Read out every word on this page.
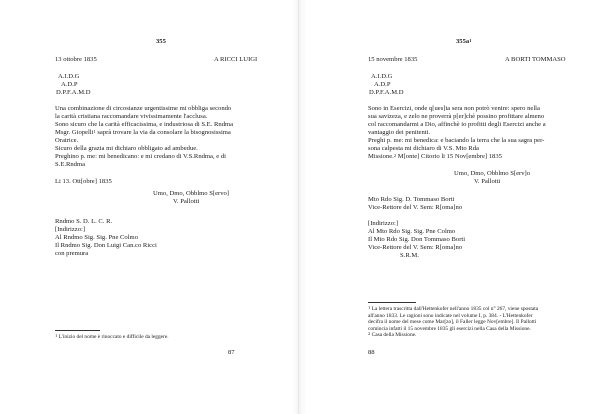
355
13 ottobre 1835	A RICCI LUIGI
A.I.D.G
A.D.P
D.P.F.A.M.D
Una combinazione di circostanze urgentissime mi obbliga secondo
la carità cristiana raccomandare vivissimamente l'acclusa.
Sono sicuro che la carità efficacissima, e industriosa di S.E. Rndma
Msgr. Giopelli$^1$ saprà trovare la via da consolare la bisognosissima
Oratrice.
Sicuro della grazia mi dichiaro obbligato ad ambedue.
Preghino p. me: mi benedicano: e mi credano di V.S.Rndma, e di
S.E.Rndma
Li 13. Ott[obre] 1835
Umo, Dmo, Obblmo S[ervo]
V. Pallotti
Rndmo S. D. L. C. R.
[Indirizzo:]
Al Rndmo Sig. Sig. Pne Colmo
Il Rndmo Sig. Don Luigi Can.co Ricci
con premura
$^1$ L'inizio del nome è rinoccato e difficile da leggere.
87
$355a^1$
15 novembre 1835	A BORTI TOMMASO
A.I.D.G
A.D.P
D.P.F.A.M.D
Sono in Esercizi, onde q[ues]ta sera non potrò venire: spero nella
sua savizeza, e zelo ne proverrà p[er]chè possino profittare almeno
col raccomandarmi a Dio, affinchè io profitti degli Esercizi anche a
vantaggio dei penitenti.
Preghi p. me: mi benedica: e baciando la terra che la sua sagra per-
sona calpesta mi dichiaro di V.S. Mto Rda
Missione.$^2$ M[onte] Citorio li 15 Nov[embre] 1835
Umo, Dmo, Obblmo S[erv]o
V. Pallotti
Mto Rdo Sig. D. Tommaso Borti
Vice-Rettore del V. Sem: R[oma]no
[Indirizzo:]
Al Mto Rdo Sig. Sig. Pne Colmo
Il Mto Rdo Sig. Don Tommaso Borti
Vice-Rettore del V. Sem: R[oma]no
S.R.M.
$^1$ La lettera trascritta dall'Hettenkofer nell'anno 1835 col n° 267, viene spostata
all'anno 1833. Le ragioni sono indicate nel volume I, p. 384. - L'Hettenkofer
decifra il nome del mese come Mar[zo], il Faller legge Nov[embre]. Il Pallotti
comincia infatti il 15 novembre 1835 gli esercizi nella Casa della Missione.
$^2$ Casa della Missione.
88
